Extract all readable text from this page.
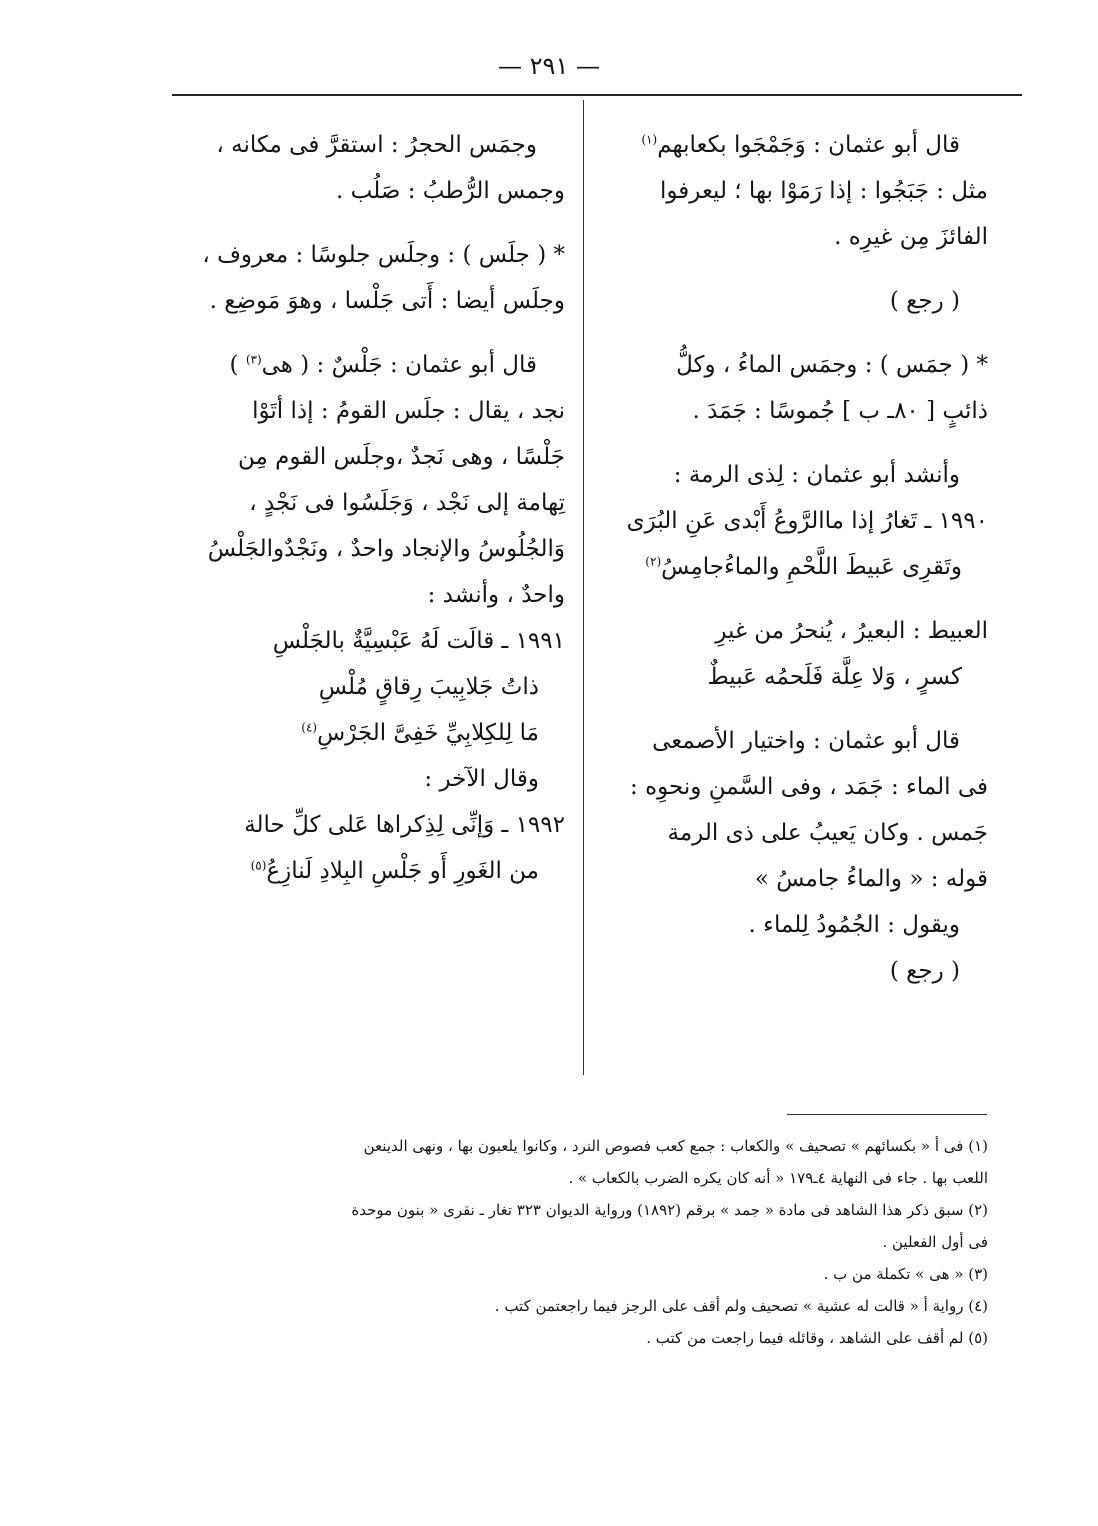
— ٢٩١ —
قال أبو عثمان : وَجَمْجَوا بكعابهم$^{(١)}$
مثل : جَبَجُوا : إذا رَمَوْا بها ؛ ليعرفوا
الفائزَ مِن غيرِه .
( رجع )
* ( جمَس ) : وجمَس الماءُ ، وكلُّ
ذائبٍ [ ٨٠ـ ب ] جُموسًا : جَمَدَ .
وأنشد أبو عثمان : لِذى الرمة :
١٩٩٠ ـ تَغارُ إذا ماالرَّوعُ أَبْدى عَنِ البُرَى
وتَقرِى عَبيطَ اللَّحْمِ والماءُجامِسُ$^{(٢)}$
العبيط : البعيرُ ، يُنحرُ من غيرِ
كسرٍ ، وَلا عِلَّة فَلَحمُه عَبيطٌ
قال أبو عثمان : واختيار الأصمعى
فى الماء : جَمَد ، وفى السَّمنِ ونحوِه :
جَمس . وكان يَعيبُ على ذى الرمة
قوله : « والماءُ جامسُ »
ويقول : الجُمُودُ لِلماء .
( رجع )
وجمَس الحجرُ : استقرَّ فى مكانه ،
وجمس الرُّطبُ : صَلُب .
* ( جلَس ) : وجلَس جلوسًا : معروف ،
وجلَس أيضا : أَتى جَلْسا ، وهوَ مَوضِع .
قال أبو عثمان : جَلْسٌ : ( هى$^{(٣)}$ )
نجد ، يقال : جلَس القومُ : إذا أتَوْا
جَلْسًا ، وهى نَجدٌ ،وجلَس القوم مِن
تِهامة إلى نَجْد ، وَجَلَسُوا فى نَجْدٍ ،
وَالجُلُوسُ والإنجاد واحدٌ ، ونَجْدٌوالجَلْسُ
واحدٌ ، وأنشد :
١٩٩١ ـ قالَت لَهُ عَبْسِيَّةٌ بالجَلْسِ
ذاتُ جَلابِيبَ رِقاقٍ مُلْسِ
مَا لِلكِلابِيِّ خَفِىَّ الجَرْسِ$^{(٤)}$
وقال الآخر :
١٩٩٢ ـ وَإنِّى لِذِكراها عَلى كلِّ حالة
من الغَورِ أَو جَلْسِ البِلادِ لَنازِعُ$^{(٥)}$
(١) فى أ « بكسائهم » تصحيف » والكعاب : جمع كعب فصوص النرد ، وكانوا يلعبون بها ، ونهى الدينعن
اللعب بها . جاء فى النهاية ٤ـ١٧٩ « أنه كان يكره الضرب بالكعاب » .
(٢) سبق ذكر هذا الشاهد فى مادة « جمد » برقم (١٨٩٢) ورواية الديوان ٣٢٣ تغار ـ نقرى « بنون موحدة
فى أول الفعلين .
(٣) « هى » تكملة من ب .
(٤) رواية أ « قالت له عشية » تصحيف ولم أقف على الرجز فيما راجعتمن كتب .
(٥) لم أقف على الشاهد ، وقائله فيما راجعت من كتب .
